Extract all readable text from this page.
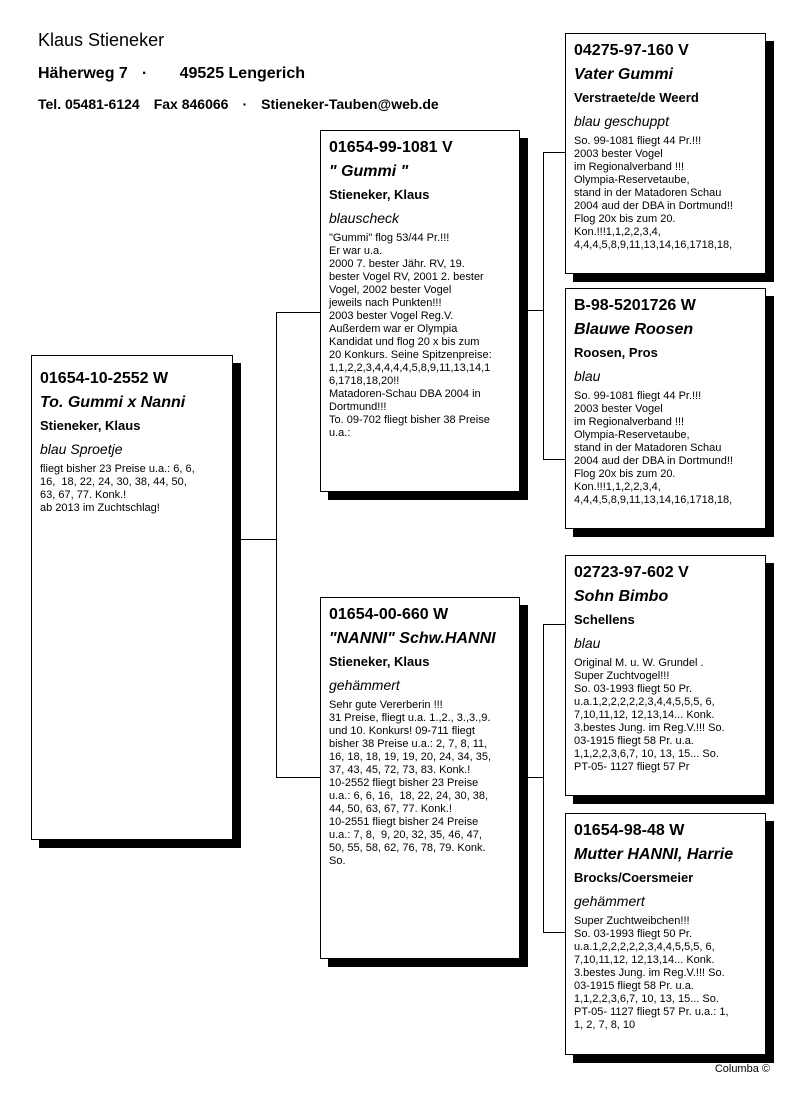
Klaus Stieneker
Häherweg 7 · 49525 Lengerich
Tel. 05481-6124 Fax 846066 · Stieneker-Tauben@web.de
01654-10-2552 W
To. Gummi x Nanni
Stieneker, Klaus
blau Sproetje
fliegt bisher 23 Preise u.a.: 6, 6,
16,  18, 22, 24, 30, 38, 44, 50,
63, 67, 77. Konk.!
ab 2013 im Zuchtschlag!
01654-99-1081 V
" Gummi "
Stieneker, Klaus
blauscheck
"Gummi" flog 53/44 Pr.!!!
Er war u.a.
2000 7. bester Jähr. RV, 19.
bester Vogel RV, 2001 2. bester
Vogel, 2002 bester Vogel
jeweils nach Punkten!!!
2003 bester Vogel Reg.V.
Außerdem war er Olympia
Kandidat und flog 20 x bis zum
20 Konkurs. Seine Spitzenpreise:
1,1,2,2,3,4,4,4,4,5,8,9,11,13,14,1
6,1718,18,20!!
Matadoren-Schau DBA 2004 in
Dortmund!!!
To. 09-702 fliegt bisher 38 Preise
u.a.:
01654-00-660 W
"NANNI" Schw.HANNI
Stieneker, Klaus
gehämmert
Sehr gute Vererberin !!!
31 Preise, fliegt u.a. 1.,2., 3.,3.,9.
und 10. Konkurs! 09-711 fliegt
bisher 38 Preise u.a.: 2, 7, 8, 11,
16, 18, 18, 19, 19, 20, 24, 34, 35,
37, 43, 45, 72, 73, 83. Konk.!
10-2552 fliegt bisher 23 Preise
u.a.: 6, 6, 16,  18, 22, 24, 30, 38,
44, 50, 63, 67, 77. Konk.!
10-2551 fliegt bisher 24 Preise
u.a.: 7, 8,  9, 20, 32, 35, 46, 47,
50, 55, 58, 62, 76, 78, 79. Konk.
So.
04275-97-160 V
Vater Gummi
Verstraete/de Weerd
blau geschuppt
So. 99-1081 fliegt 44 Pr.!!!
2003 bester Vogel
im Regionalverband !!!
Olympia-Reservetaube,
stand in der Matadoren Schau
2004 aud der DBA in Dortmund!!
Flog 20x bis zum 20.
Kon.!!!1,1,2,2,3,4,
4,4,4,5,8,9,11,13,14,16,1718,18,
B-98-5201726 W
Blauwe Roosen
Roosen, Pros
blau
So. 99-1081 fliegt 44 Pr.!!!
2003 bester Vogel
im Regionalverband !!!
Olympia-Reservetaube,
stand in der Matadoren Schau
2004 aud der DBA in Dortmund!!
Flog 20x bis zum 20.
Kon.!!!1,1,2,2,3,4,
4,4,4,5,8,9,11,13,14,16,1718,18,
02723-97-602 V
Sohn Bimbo
Schellens
blau
Original M. u. W. Grundel .
Super Zuchtvogel!!!
So. 03-1993 fliegt 50 Pr.
u.a.1,2,2,2,2,2,3,4,4,5,5,5, 6,
7,10,11,12, 12,13,14... Konk.
3.bestes Jung. im Reg.V.!!! So.
03-1915 fliegt 58 Pr. u.a.
1,1,2,2,3,6,7, 10, 13, 15... So.
PT-05- 1127 fliegt 57 Pr
01654-98-48 W
Mutter HANNI, Harrie
Brocks/Coersmeier
gehämmert
Super Zuchtweibchen!!!
So. 03-1993 fliegt 50 Pr.
u.a.1,2,2,2,2,2,3,4,4,5,5,5, 6,
7,10,11,12, 12,13,14... Konk.
3.bestes Jung. im Reg.V.!!! So.
03-1915 fliegt 58 Pr. u.a.
1,1,2,2,3,6,7, 10, 13, 15... So.
PT-05- 1127 fliegt 57 Pr. u.a.: 1,
1, 2, 7, 8, 10
Columba ©
